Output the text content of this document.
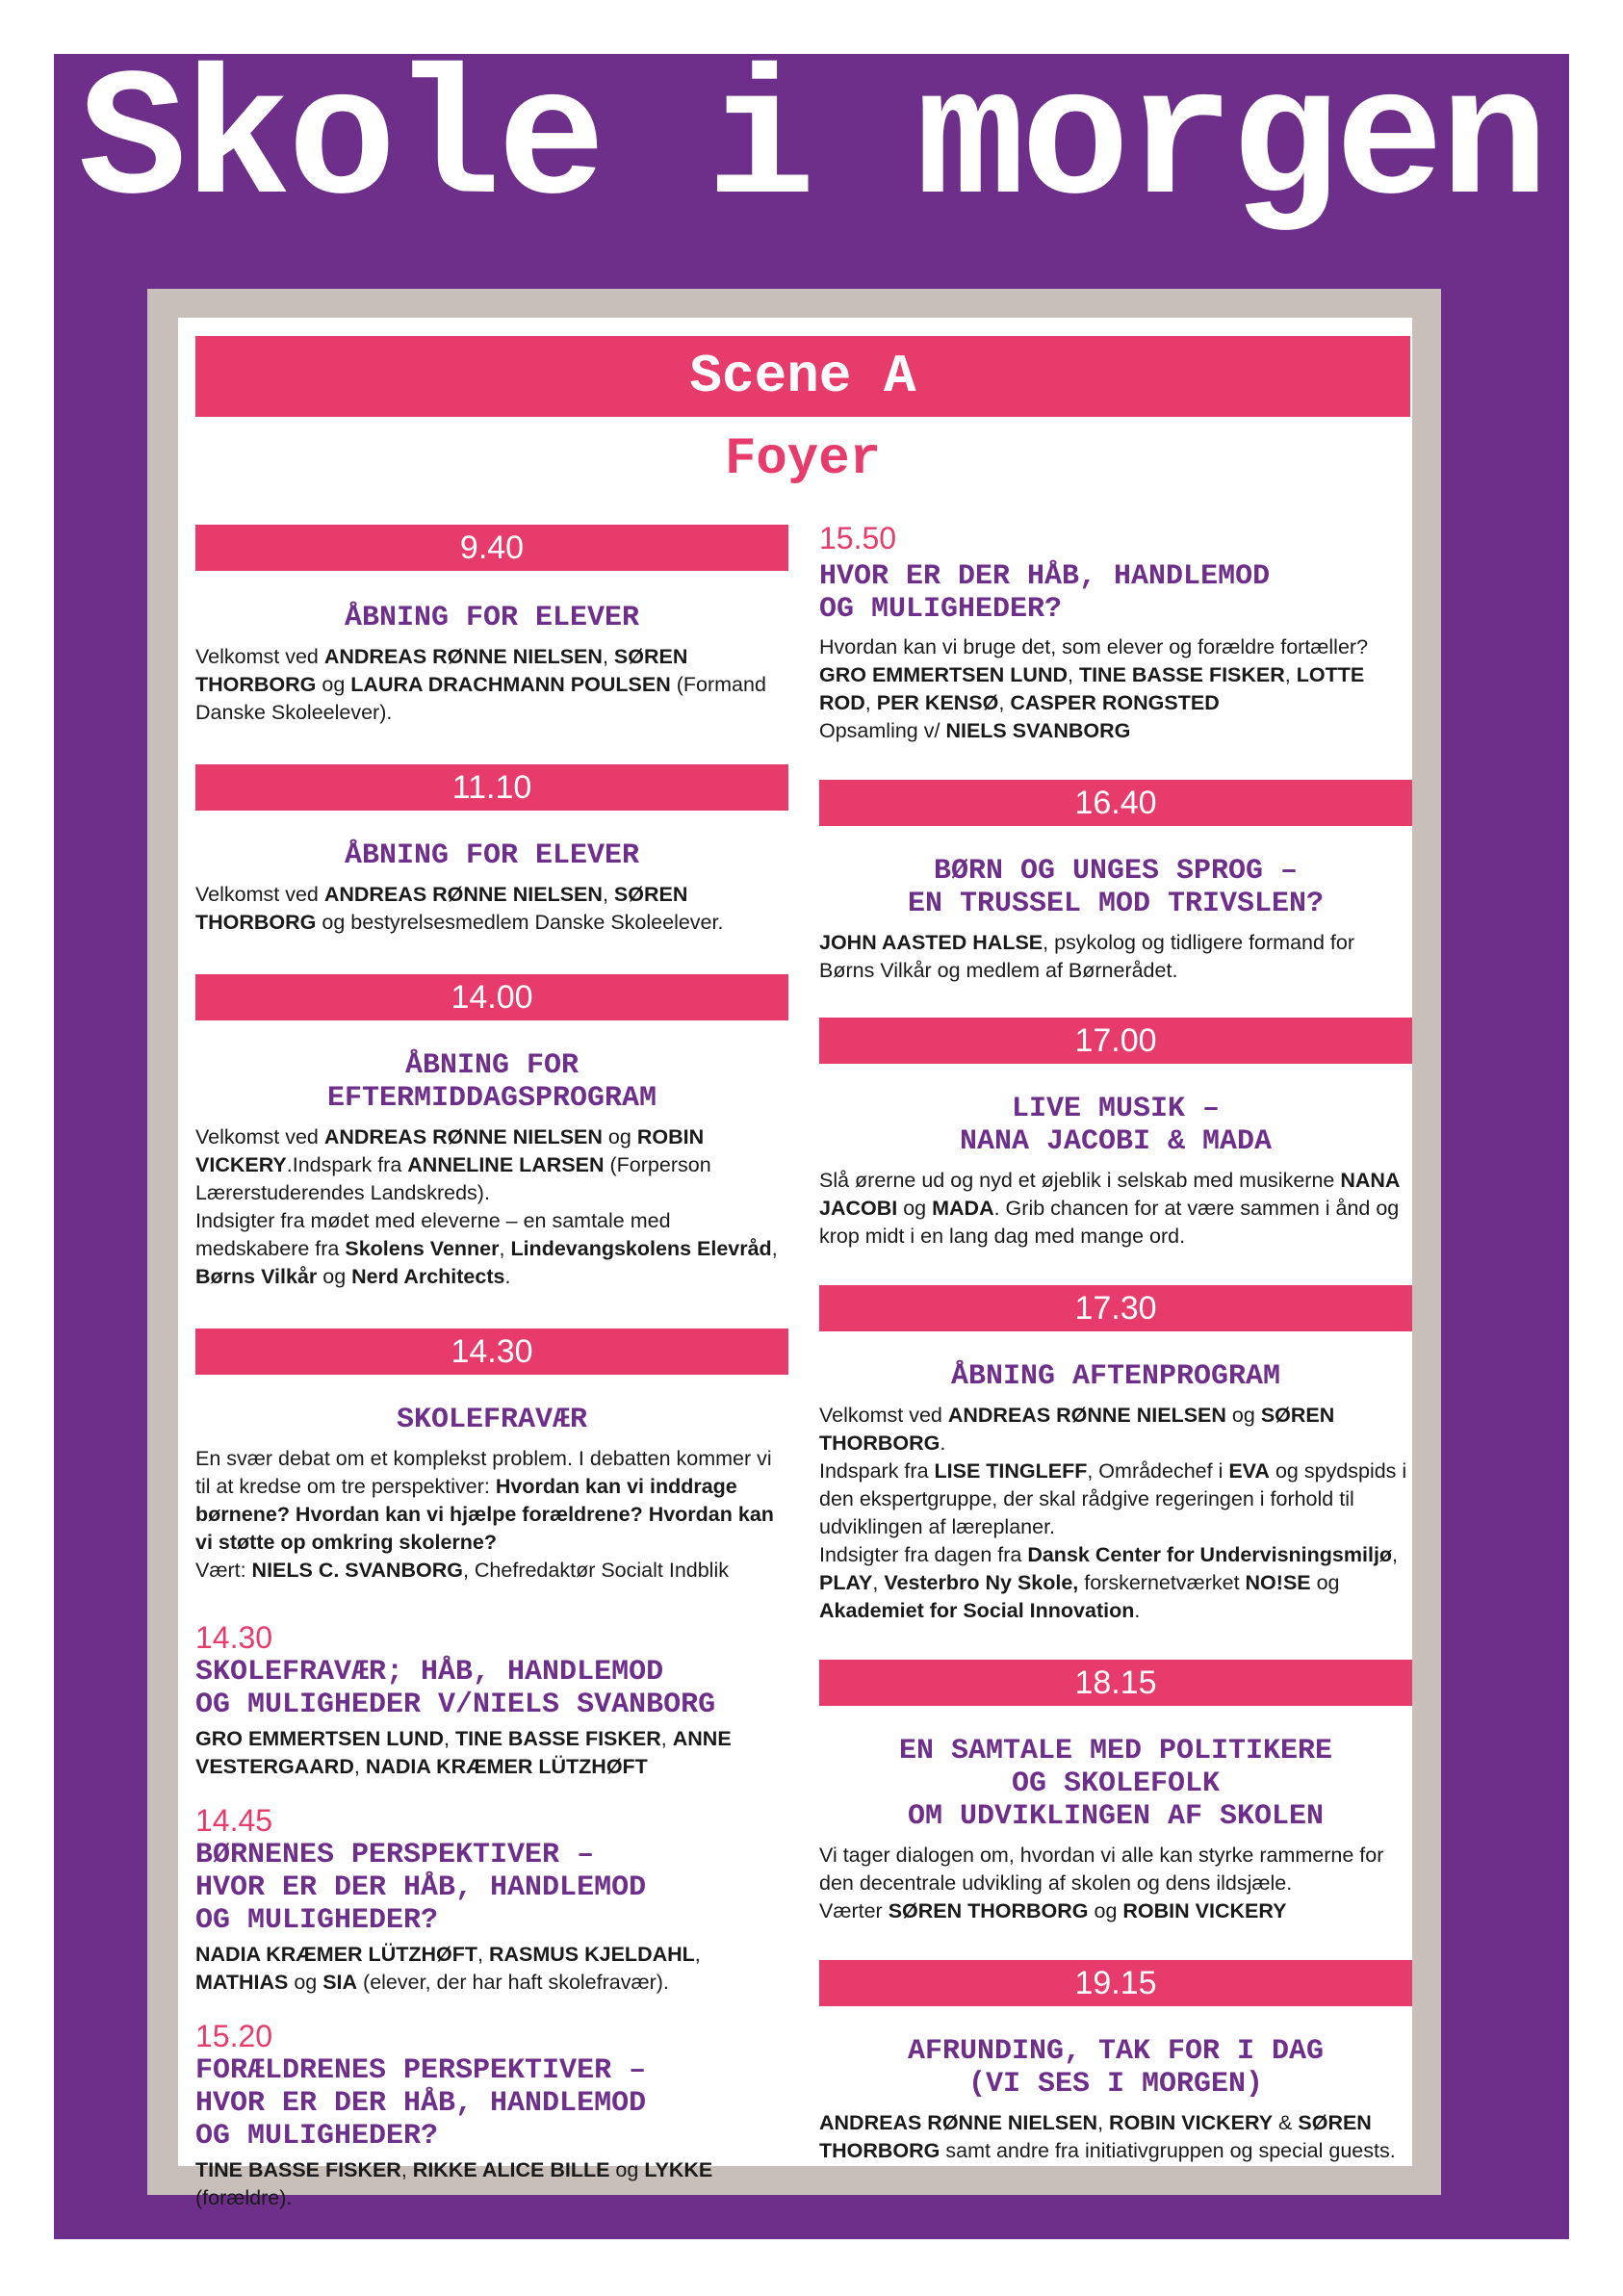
Skole i morgen
Scene A
Foyer
9.40
ÅBNING FOR ELEVER
Velkomst ved ANDREAS RØNNE NIELSEN, SØREN THORBORG og LAURA DRACHMANN POULSEN (Formand Danske Skoleelever).
11.10
ÅBNING FOR ELEVER
Velkomst ved ANDREAS RØNNE NIELSEN, SØREN THORBORG og bestyrelsesmedlem Danske Skoleelever.
14.00
ÅBNING FOR
EFTERMIDDAGSPROGRAM
Velkomst ved ANDREAS RØNNE NIELSEN og ROBIN VICKERY.Indspark fra ANNELINE LARSEN (Forperson Lærerstuderendes Landskreds).
Indsigter fra mødet med eleverne – en samtale med medskabere fra Skolens Venner, Lindevangskolens Elevråd, Børns Vilkår og Nerd Architects.
14.30
SKOLEFRAVÆR
En svær debat om et komplekst problem. I debatten kommer vi til at kredse om tre perspektiver: Hvordan kan vi inddrage børnene? Hvordan kan vi hjælpe forældrene? Hvordan kan vi støtte op omkring skolerne?
Vært: NIELS C. SVANBORG, Chefredaktør Socialt Indblik
14.30
SKOLEFRAVÆR; HÅB, HANDLEMOD
OG MULIGHEDER V/NIELS SVANBORG
GRO EMMERTSEN LUND, TINE BASSE FISKER, ANNE VESTERGAARD, NADIA KRÆMER LÜTZHØFT
14.45
BØRNENES PERSPEKTIVER –
HVOR ER DER HÅB, HANDLEMOD
OG MULIGHEDER?
NADIA KRÆMER LÜTZHØFT, RASMUS KJELDAHL, MATHIAS og SIA (elever, der har haft skolefravær).
15.20
FORÆLDRENES PERSPEKTIVER –
HVOR ER DER HÅB, HANDLEMOD
OG MULIGHEDER?
TINE BASSE FISKER, RIKKE ALICE BILLE og LYKKE (forældre).
15.50
HVOR ER DER HÅB, HANDLEMOD
OG MULIGHEDER?
Hvordan kan vi bruge det, som elever og forældre fortæller? GRO EMMERTSEN LUND, TINE BASSE FISKER, LOTTE ROD, PER KENSØ, CASPER RONGSTED
Opsamling v/ NIELS SVANBORG
16.40
BØRN OG UNGES SPROG –
EN TRUSSEL MOD TRIVSLEN?
JOHN AASTED HALSE, psykolog og tidligere formand for Børns Vilkår og medlem af Børnerådet.
17.00
LIVE MUSIK –
NANA JACOBI & MADA
Slå ørerne ud og nyd et øjeblik i selskab med musikerne NANA JACOBI og MADA. Grib chancen for at være sammen i ånd og krop midt i en lang dag med mange ord.
17.30
ÅBNING AFTENPROGRAM
Velkomst ved ANDREAS RØNNE NIELSEN og SØREN THORBORG.
Indspark fra LISE TINGLEFF, Områdechef i EVA og spydspids i den ekspertgruppe, der skal rådgive regeringen i forhold til udviklingen af læreplaner.
Indsigter fra dagen fra Dansk Center for Undervisningsmiljø, PLAY, Vesterbro Ny Skole, forskernetværket NO!SE og Akademiet for Social Innovation.
18.15
EN SAMTALE MED POLITIKERE
OG SKOLEFOLK
OM UDVIKLINGEN AF SKOLEN
Vi tager dialogen om, hvordan vi alle kan styrke rammerne for den decentrale udvikling af skolen og dens ildsjæle.
Værter SØREN THORBORG og ROBIN VICKERY
19.15
AFRUNDING, TAK FOR I DAG
(VI SES I MORGEN)
ANDREAS RØNNE NIELSEN, ROBIN VICKERY & SØREN THORBORG samt andre fra initiativgruppen og special guests.
